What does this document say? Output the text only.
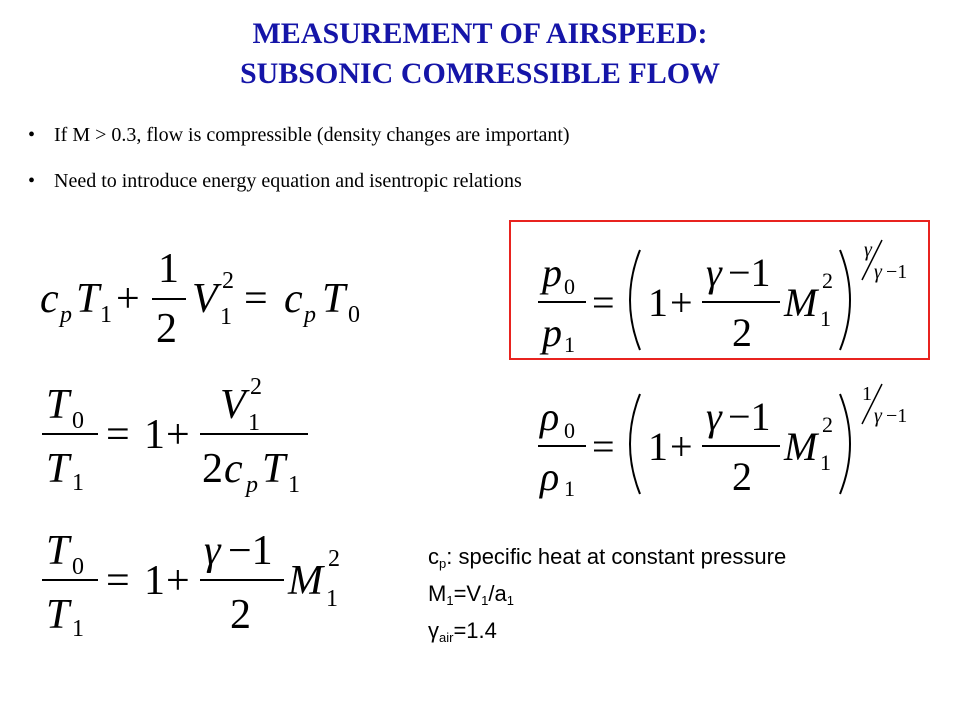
MEASUREMENT OF AIRSPEED:
SUBSONIC COMRESSIBLE FLOW
• If M > 0.3, flow is compressible (density changes are important)
• Need to introduce energy equation and isentropic relations
c p T 1 +
1
2
V 1
2 = c p T 0
T 0
T 1
= 1 +
V 1
2
2 c p T 1
T 0
T 1
= 1 +
γ −1
2
M 1
2
p 0
p 1
= 1 +
γ −1
2
M 1
2
γ
γ −1
ρ 0
ρ 1
= 1 +
γ −1
2
M 1
2
1
γ −1
$c_p$: specific heat at constant pressure
$M_1=V_1/a_1$
$\gamma_{air}=1.4$
